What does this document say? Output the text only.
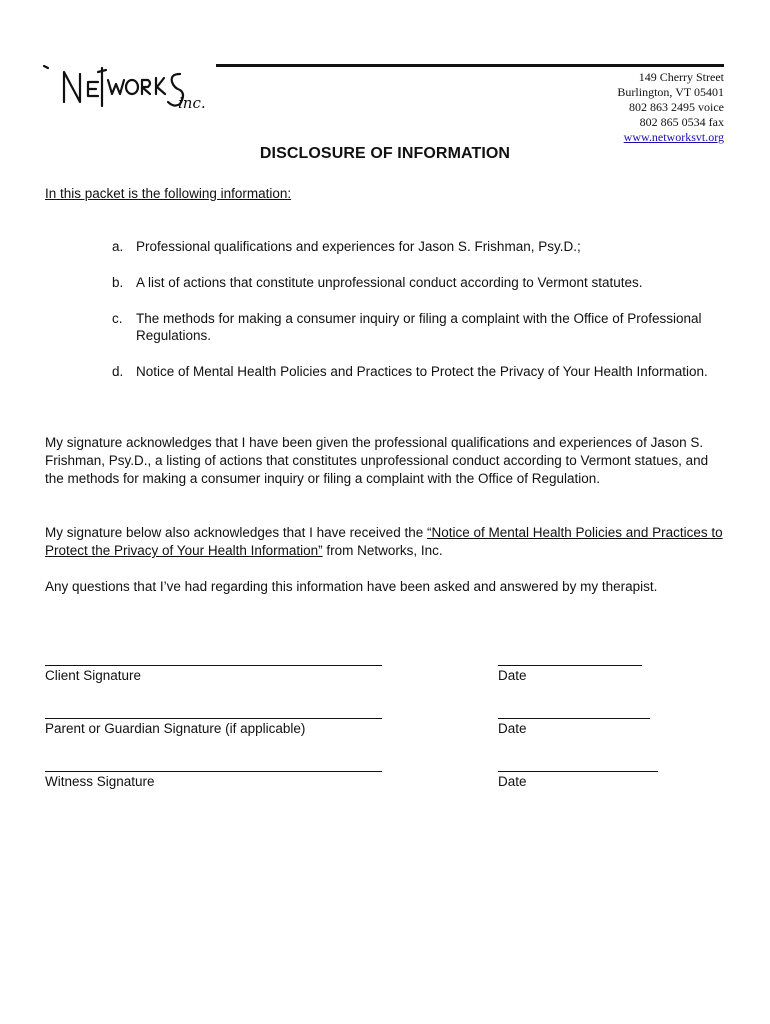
inc.
149 Cherry Street
Burlington, VT 05401
802 863 2495 voice
802 865 0534 fax
www.networksvt.org
DISCLOSURE OF INFORMATION
In this packet is the following information:
a. Professional qualifications and experiences for Jason S. Frishman, Psy.D.;
b. A list of actions that constitute unprofessional conduct according to Vermont statutes.
c. The methods for making a consumer inquiry or filing a complaint with the Office of Professional Regulations.
d. Notice of Mental Health Policies and Practices to Protect the Privacy of Your Health Information.
My signature acknowledges that I have been given the professional qualifications and experiences of Jason S. Frishman, Psy.D., a listing of actions that constitutes unprofessional conduct according to Vermont statues, and the methods for making a consumer inquiry or filing a complaint with the Office of Regulation.
My signature below also acknowledges that I have received the “Notice of Mental Health Policies and Practices to Protect the Privacy of Your Health Information” from Networks, Inc.
Any questions that I’ve had regarding this information have been asked and answered by my therapist.
Client Signature	Date
Parent or Guardian Signature (if applicable)	Date
Witness Signature	Date
